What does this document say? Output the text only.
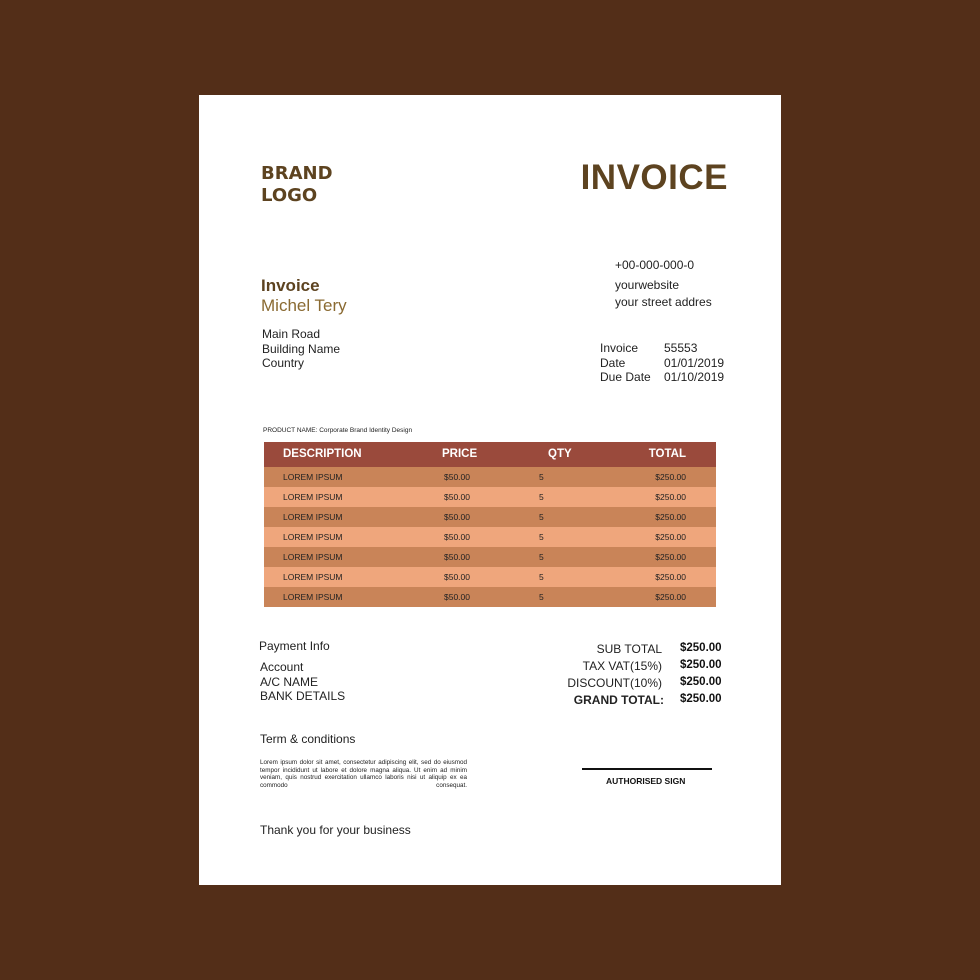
BRAND
LOGO	INVOICE
+00-000-000-0
yourwebsite
your street addres
Invoice
Michel Tery
Main Road
Building Name
Country
Invoice 55553
Date	01/01/2019
Due Date 01/10/2019
PRODUCT NAME: Corporate Brand Identity Design
DESCRIPTION	PRICE	QTY	TOTAL
LOREM IPSUM	$50.00	5	$250.00
LOREM IPSUM	$50.00	5	$250.00
LOREM IPSUM	$50.00	5	$250.00
LOREM IPSUM	$50.00	5	$250.00
LOREM IPSUM	$50.00	5	$250.00
LOREM IPSUM	$50.00	5	$250.00
LOREM IPSUM	$50.00	5	$250.00
Payment Info
Account
A/C NAME
BANK DETAILS
SUB TOTAL $250.00
TAX VAT(15%) $250.00
DISCOUNT(10%) $250.00
GRAND TOTAL: $250.00
Term & conditions
Lorem ipsum dolor sit amet, consectetur adipiscing elit, sed do eiusmod tempor incididunt ut labore et dolore magna aliqua. Ut enim ad minim veniam, quis nostrud exercitation ullamco laboris nisi ut aliquip ex ea commodo consequat.	AUTHORISED SIGN
Thank you for your business
